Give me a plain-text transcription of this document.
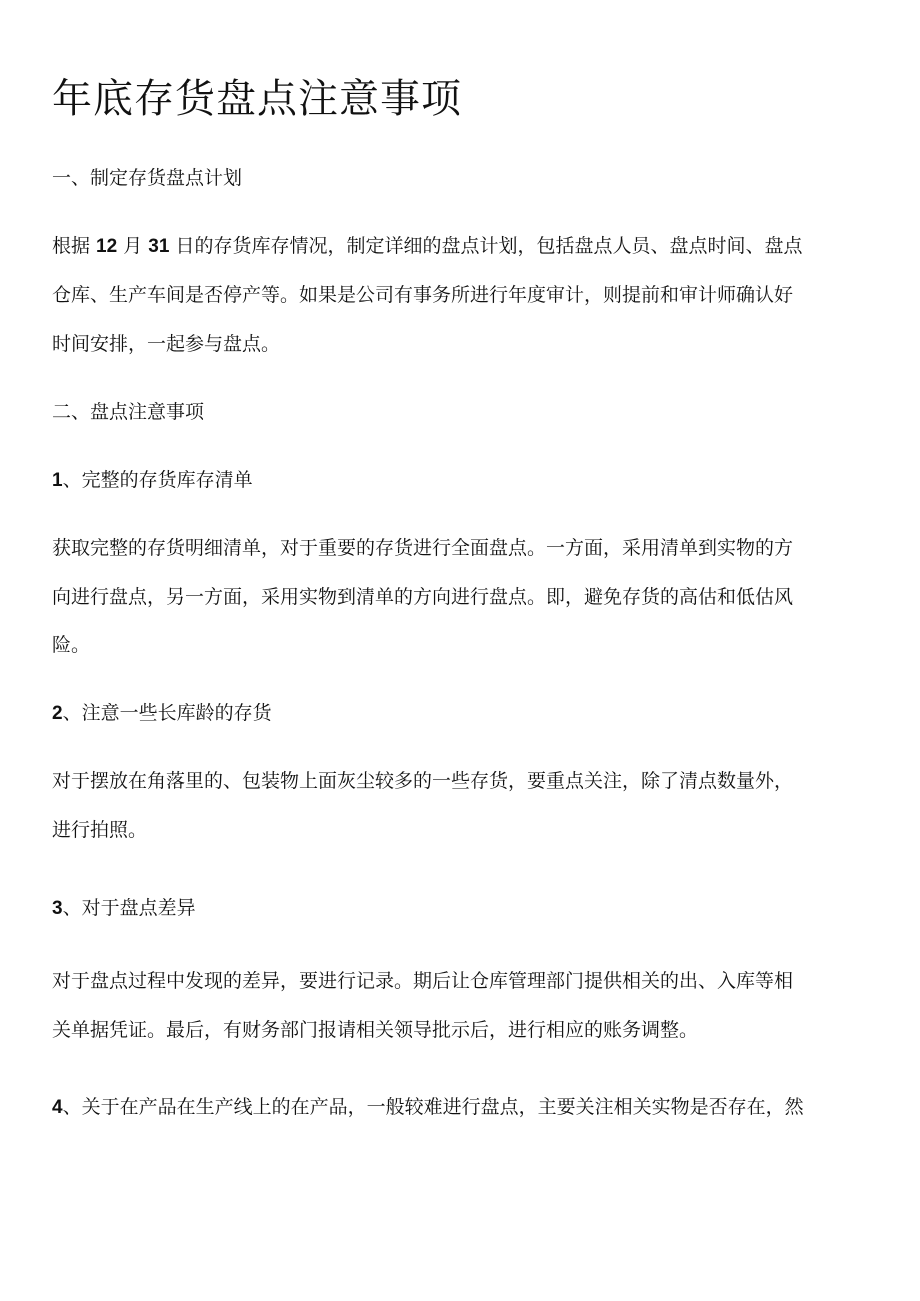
年底存货盘点注意事项

一、制定存货盘点计划

根据 12 月 31 日的存货库存情况，制定详细的盘点计划，包括盘点人员、盘点时间、盘点

仓库、生产车间是否停产等。如果是公司有事务所进行年度审计，则提前和审计师确认好

时间安排，一起参与盘点。

二、盘点注意事项

1、完整的存货库存清单

获取完整的存货明细清单，对于重要的存货进行全面盘点。一方面，采用清单到实物的方

向进行盘点，另一方面，采用实物到清单的方向进行盘点。即，避免存货的高估和低估风

险。

2、注意一些长库龄的存货

对于摆放在角落里的、包装物上面灰尘较多的一些存货，要重点关注，除了清点数量外，

进行拍照。

3、对于盘点差异

对于盘点过程中发现的差异，要进行记录。期后让仓库管理部门提供相关的出、入库等相

关单据凭证。最后，有财务部门报请相关领导批示后，进行相应的账务调整。

4、关于在产品在生产线上的在产品，一般较难进行盘点，主要关注相关实物是否存在，然
